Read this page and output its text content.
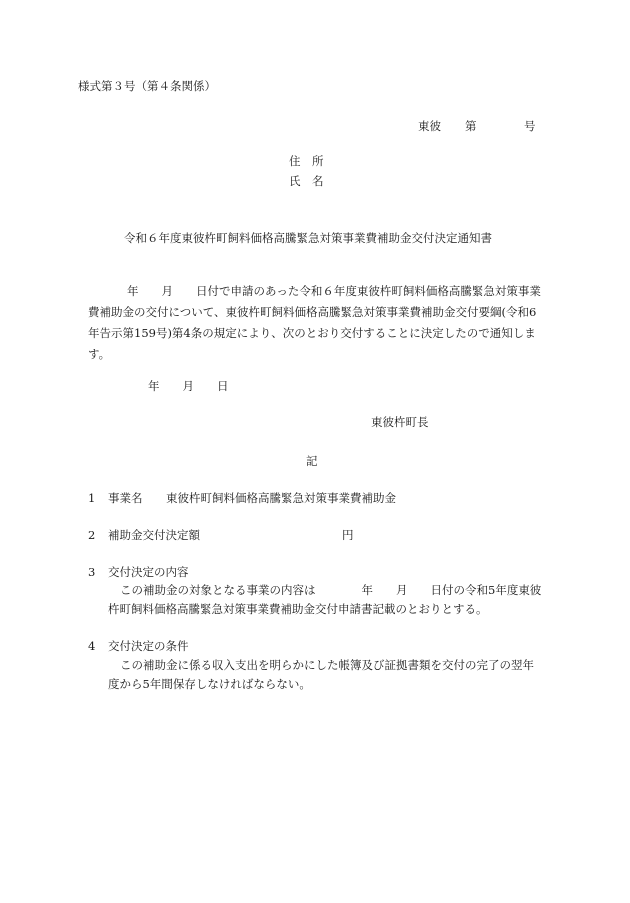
様式第３号（第４条関係）
東彼 第	号
住　所
氏　名
令和６年度東彼杵町飼料価格高騰緊急対策事業費補助金交付決定通知書
年　　月　　日付で申請のあった令和６年度東彼杵町飼料価格高騰緊急対策事業
費補助金の交付について、東彼杵町飼料価格高騰緊急対策事業費補助金交付要綱(令和6
年告示第159号)第4条の規定により、次のとおり交付することに決定したので通知しま
す。
年　　月　　日
東彼杵町長
記
1 事業名 東彼杵町飼料価格高騰緊急対策事業費補助金
2 補助金交付決定額	円
3 交付決定の内容
この補助金の対象となる事業の内容は　　　　年　　月　　日付の令和5年度東彼
杵町飼料価格高騰緊急対策事業費補助金交付申請書記載のとおりとする。
4 交付決定の条件
この補助金に係る収入支出を明らかにした帳簿及び証拠書類を交付の完了の翌年
度から5年間保存しなければならない。
